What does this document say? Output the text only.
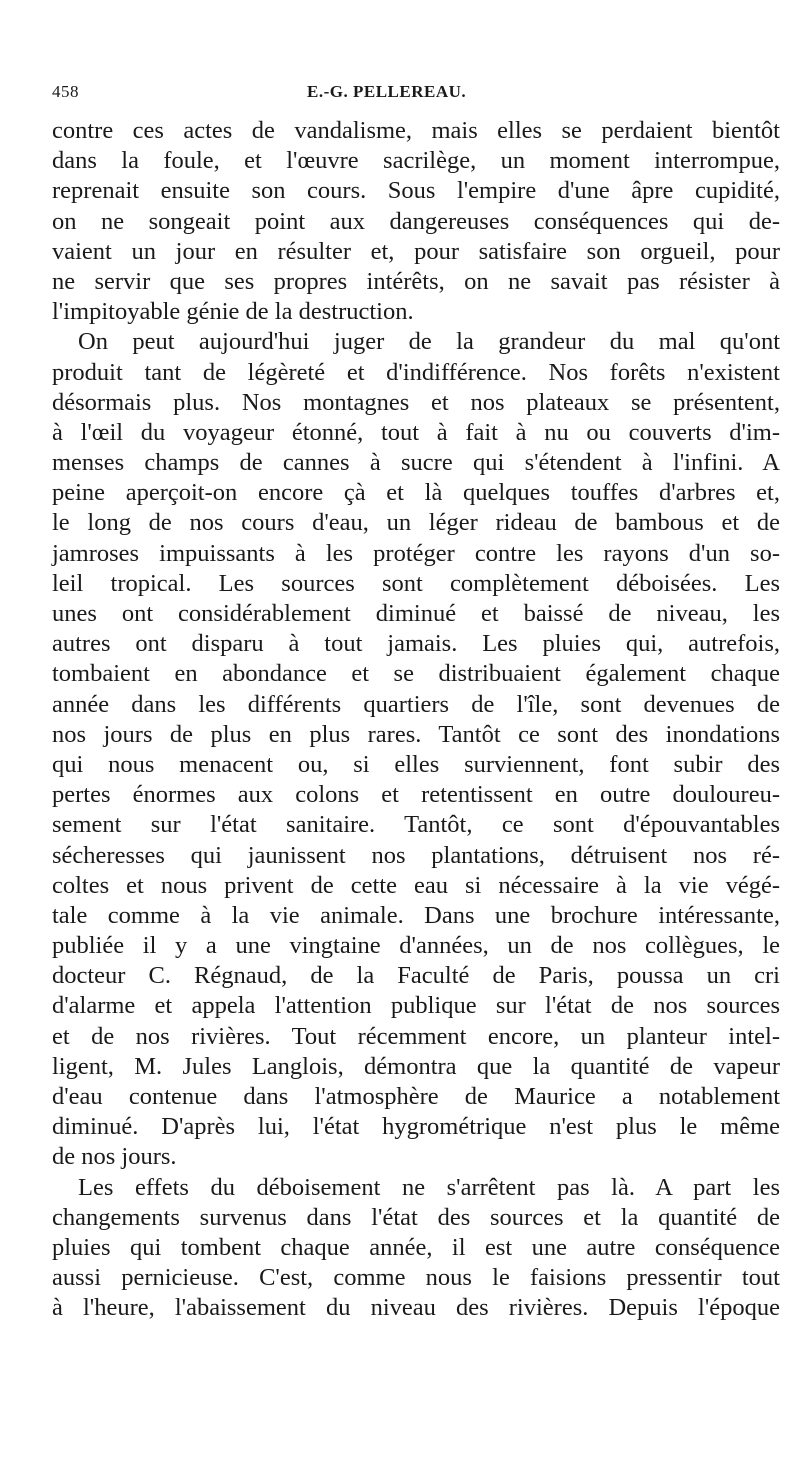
458	E.-G. PELLEREAU.
contre ces actes de vandalisme, mais elles se perdaient bientôt
dans la foule, et l'œuvre sacrilège, un moment interrompue,
reprenait ensuite son cours. Sous l'empire d'une âpre cupidité,
on ne songeait point aux dangereuses conséquences qui de-
vaient un jour en résulter et, pour satisfaire son orgueil, pour
ne servir que ses propres intérêts, on ne savait pas résister à
l'impitoyable génie de la destruction.
On peut aujourd'hui juger de la grandeur du mal qu'ont
produit tant de légèreté et d'indifférence. Nos forêts n'existent
désormais plus. Nos montagnes et nos plateaux se présentent,
à l'œil du voyageur étonné, tout à fait à nu ou couverts d'im-
menses champs de cannes à sucre qui s'étendent à l'infini. A
peine aperçoit-on encore çà et là quelques touffes d'arbres et,
le long de nos cours d'eau, un léger rideau de bambous et de
jamroses impuissants à les protéger contre les rayons d'un so-
leil tropical. Les sources sont complètement déboisées. Les
unes ont considérablement diminué et baissé de niveau, les
autres ont disparu à tout jamais. Les pluies qui, autrefois,
tombaient en abondance et se distribuaient également chaque
année dans les différents quartiers de l'île, sont devenues de
nos jours de plus en plus rares. Tantôt ce sont des inondations
qui nous menacent ou, si elles surviennent, font subir des
pertes énormes aux colons et retentissent en outre douloureu-
sement sur l'état sanitaire. Tantôt, ce sont d'épouvantables
sécheresses qui jaunissent nos plantations, détruisent nos ré-
coltes et nous privent de cette eau si nécessaire à la vie végé-
tale comme à la vie animale. Dans une brochure intéressante,
publiée il y a une vingtaine d'années, un de nos collègues, le
docteur C. Régnaud, de la Faculté de Paris, poussa un cri
d'alarme et appela l'attention publique sur l'état de nos sources
et de nos rivières. Tout récemment encore, un planteur intel-
ligent, M. Jules Langlois, démontra que la quantité de vapeur
d'eau contenue dans l'atmosphère de Maurice a notablement
diminué. D'après lui, l'état hygrométrique n'est plus le même
de nos jours.
Les effets du déboisement ne s'arrêtent pas là. A part les
changements survenus dans l'état des sources et la quantité de
pluies qui tombent chaque année, il est une autre conséquence
aussi pernicieuse. C'est, comme nous le faisions pressentir tout
à l'heure, l'abaissement du niveau des rivières. Depuis l'époque
